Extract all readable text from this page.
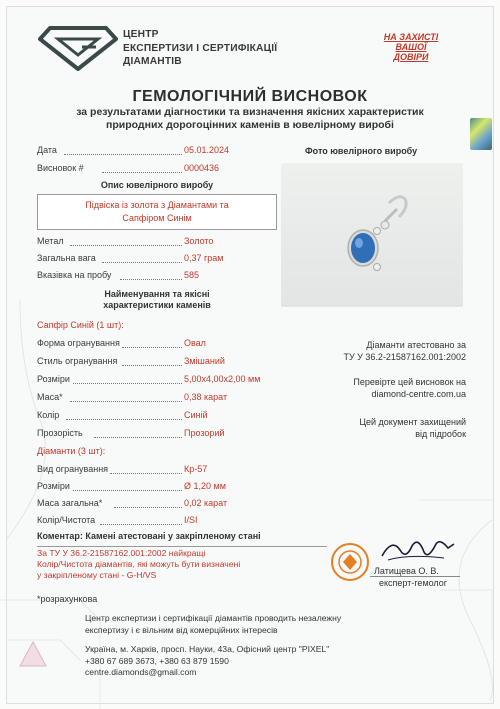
ЦЕНТР
ЕКСПЕРТИЗИ І СЕРТИФІКАЦІЇ
ДІАМАНТІВ
НА ЗАХИСТІ
ВАШОЇ
ДОВІРИ
ГЕМОЛОГІЧНИЙ ВИСНОВОК
за результатами діагностики та визначення якісних характеристик
природних дорогоцінних каменів в ювелірному виробі
Дата	05.01.2024
Висновок #	0000436
Опис ювелірного виробу
Підвіска із золота з Діамантами та
Сапфіром Синім
Метал	Золото
Загальна вага	0,37 грам
Вказівка на пробу	585
Найменування та якісні
характеристики каменів
Сапфір Синій (1 шт):
Форма огранування	Овал
Стиль огранування	Змішаний
Розміри	5,00x4,00x2,00 мм
Маса*	0,38 карат
Колір	Синій
Прозорість	Прозорий
Діаманти (3 шт):
Вид огранування	Кр-57
Розміри	Ø 1,20 мм
Маса загальна*	0,02 карат
Колір/Чистота	I/SI
Фото ювелірного виробу
Діаманти атестовано за
ТУ У 36.2-21587162.001:2002
Перевірте цей висновок на
diamond-centre.com.ua
Цей документ захищений
від підробок
Коментар: Камені атестовані у закріпленому стані
За ТУ У 36.2-21587162.001:2002 найкращі
Колір/Чистота діамантів, які можуть бути визначені
у закріпленому стані - G-H/VS
*розрахункова
Латищева О. В.
експерт-гемолог
Центр експертизи і сертифікації діамантів проводить незалежну
експертизу і є вільним від комерційних інтересів
Україна, м. Харків, просп. Науки, 43а, Офісний центр "PIXEL"
+380 67 689 3673, +380 63 879 1590
centre.diamonds@gmail.com
